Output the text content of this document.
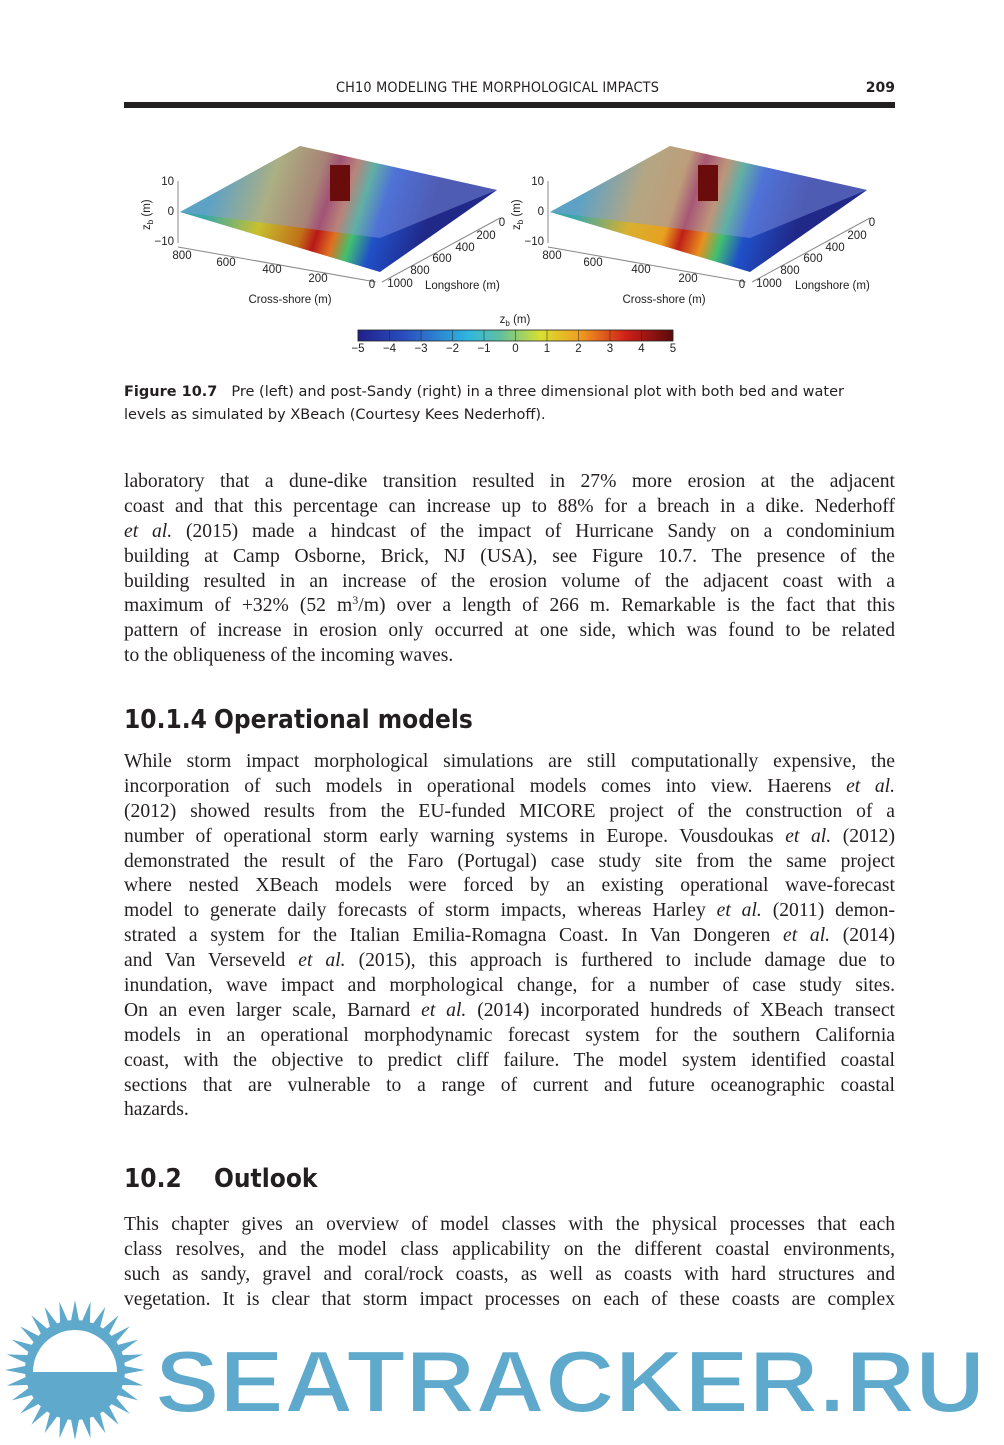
CH10 MODELING THE MORPHOLOGICAL IMPACTS	209
10
0
−10
$z_b$ (m)
800
600
400
200	0
0
200
400
600
800
1000 Longshore (m)
Cross-shore (m)
10
0
−10
$z_b$ (m)
800
600
400
200	0
0
200
400
600
800
1000 Longshore (m)
Cross-shore (m)
$z_b$ (m)
−5 −4 −3 −2 −1 0 1 2 3 4 5
Figure 10.7 Pre (left) and post-Sandy (right) in a three dimensional plot with both bed and water
levels as simulated by XBeach (Courtesy Kees Nederhoff).
laboratory that a dune-dike transition resulted in 27% more erosion at the adjacent
coast and that this percentage can increase up to 88% for a breach in a dike. Nederhoff
et al. (2015) made a hindcast of the impact of Hurricane Sandy on a condominium
building at Camp Osborne, Brick, NJ (USA), see Figure 10.7. The presence of the
building resulted in an increase of the erosion volume of the adjacent coast with a
maximum of +32% (52 $m^3/m$) over a length of 266 m. Remarkable is the fact that this
pattern of increase in erosion only occurred at one side, which was found to be related
to the obliqueness of the incoming waves.
10.1.4 Operational models
While storm impact morphological simulations are still computationally expensive, the
incorporation of such models in operational models comes into view. Haerens et al.
(2012) showed results from the EU-funded MICORE project of the construction of a
number of operational storm early warning systems in Europe. Vousdoukas et al. (2012)
demonstrated the result of the Faro (Portugal) case study site from the same project
where nested XBeach models were forced by an existing operational wave-forecast
model to generate daily forecasts of storm impacts, whereas Harley et al. (2011) demon-
strated a system for the Italian Emilia-Romagna Coast. In Van Dongeren et al. (2014)
and Van Verseveld et al. (2015), this approach is furthered to include damage due to
inundation, wave impact and morphological change, for a number of case study sites.
On an even larger scale, Barnard et al. (2014) incorporated hundreds of XBeach transect
models in an operational morphodynamic forecast system for the southern California
coast, with the objective to predict cliff failure. The model system identified coastal
sections that are vulnerable to a range of current and future oceanographic coastal
hazards.
10.2 Outlook
This chapter gives an overview of model classes with the physical processes that each
class resolves, and the model class applicability on the different coastal environments,
such as sandy, gravel and coral/rock coasts, as well as coasts with hard structures and
vegetation. It is clear that storm impact processes on each of these coasts are complex
SEATRACKER.RU
